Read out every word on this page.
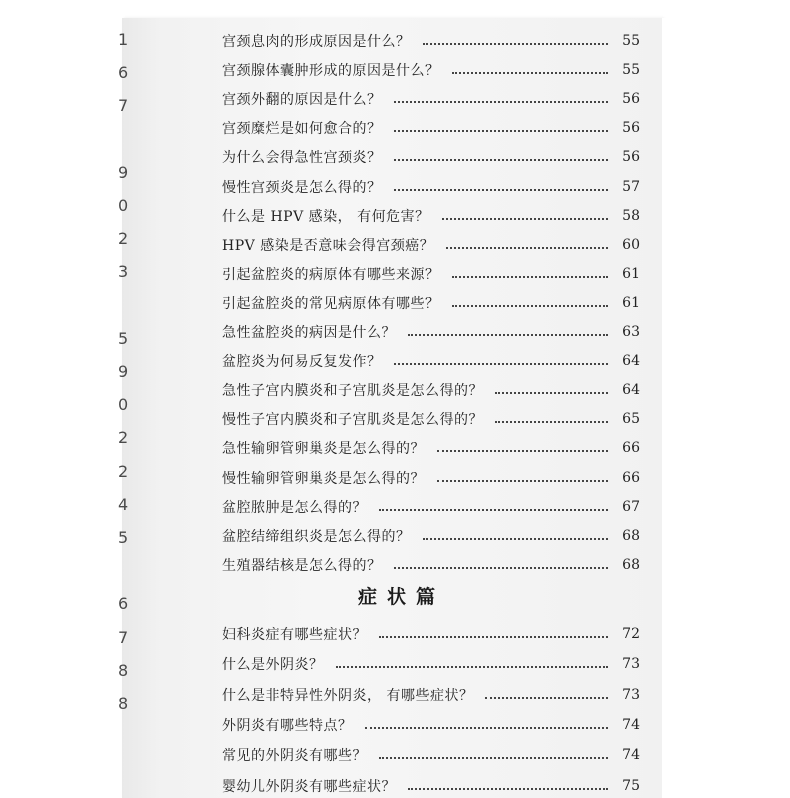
1
6
7
9
0
2
3
5
9
0
2
2
4
5
6
7
8
8
宫颈息肉的形成原因是什么？	55
宫颈腺体囊肿形成的原因是什么？	55
宫颈外翻的原因是什么？	56
宫颈糜烂是如何愈合的？	56
为什么会得急性宫颈炎？	56
慢性宫颈炎是怎么得的？	57
什么是 HPV 感染， 有何危害？	58
HPV 感染是否意味会得宫颈癌？	60
引起盆腔炎的病原体有哪些来源？	61
引起盆腔炎的常见病原体有哪些？	61
急性盆腔炎的病因是什么？	63
盆腔炎为何易反复发作？	64
急性子宫内膜炎和子宫肌炎是怎么得的？	64
慢性子宫内膜炎和子宫肌炎是怎么得的？	65
急性输卵管卵巢炎是怎么得的？	66
慢性输卵管卵巢炎是怎么得的？	66
盆腔脓肿是怎么得的？	67
盆腔结缔组织炎是怎么得的？	68
生殖器结核是怎么得的？	68
症状篇
妇科炎症有哪些症状？	72
什么是外阴炎？	73
什么是非特异性外阴炎， 有哪些症状？	73
外阴炎有哪些特点？	74
常见的外阴炎有哪些？	74
婴幼儿外阴炎有哪些症状？	75
